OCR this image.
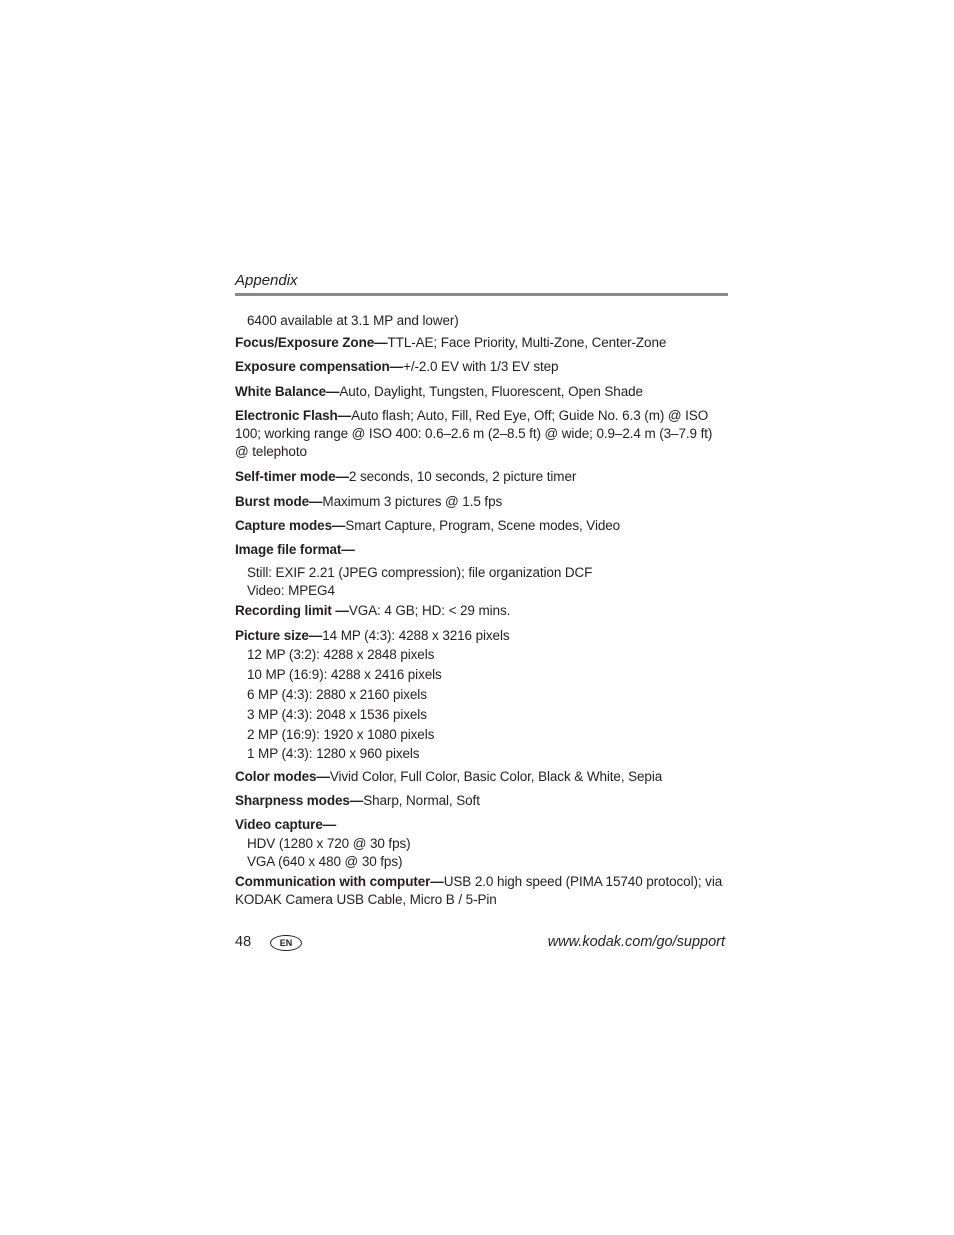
Appendix
6400 available at 3.1 MP and lower)
Focus/Exposure Zone—TTL-AE; Face Priority, Multi-Zone, Center-Zone
Exposure compensation—+/-2.0 EV with 1/3 EV step
White Balance—Auto, Daylight, Tungsten, Fluorescent, Open Shade
Electronic Flash—Auto flash; Auto, Fill, Red Eye, Off; Guide No. 6.3 (m) @ ISO 100; working range @ ISO 400: 0.6–2.6 m (2–8.5 ft) @ wide; 0.9–2.4 m (3–7.9 ft) @ telephoto
Self-timer mode—2 seconds, 10 seconds, 2 picture timer
Burst mode—Maximum 3 pictures @ 1.5 fps
Capture modes—Smart Capture, Program, Scene modes, Video
Image file format—
Still: EXIF 2.21 (JPEG compression); file organization DCF
Video: MPEG4
Recording limit —VGA: 4 GB; HD: < 29 mins.
Picture size—14 MP (4:3): 4288 x 3216 pixels
12 MP (3:2): 4288 x 2848 pixels
10 MP (16:9): 4288 x 2416 pixels
6 MP (4:3): 2880 x 2160 pixels
3 MP (4:3): 2048 x 1536 pixels
2 MP (16:9): 1920 x 1080 pixels
1 MP (4:3): 1280 x 960 pixels
Color modes—Vivid Color, Full Color, Basic Color, Black & White, Sepia
Sharpness modes—Sharp, Normal, Soft
Video capture—
HDV (1280 x 720 @ 30 fps)
VGA (640 x 480 @ 30 fps)
Communication with computer—USB 2.0 high speed (PIMA 15740 protocol); via KODAK Camera USB Cable, Micro B / 5-Pin
48	EN	www.kodak.com/go/support
